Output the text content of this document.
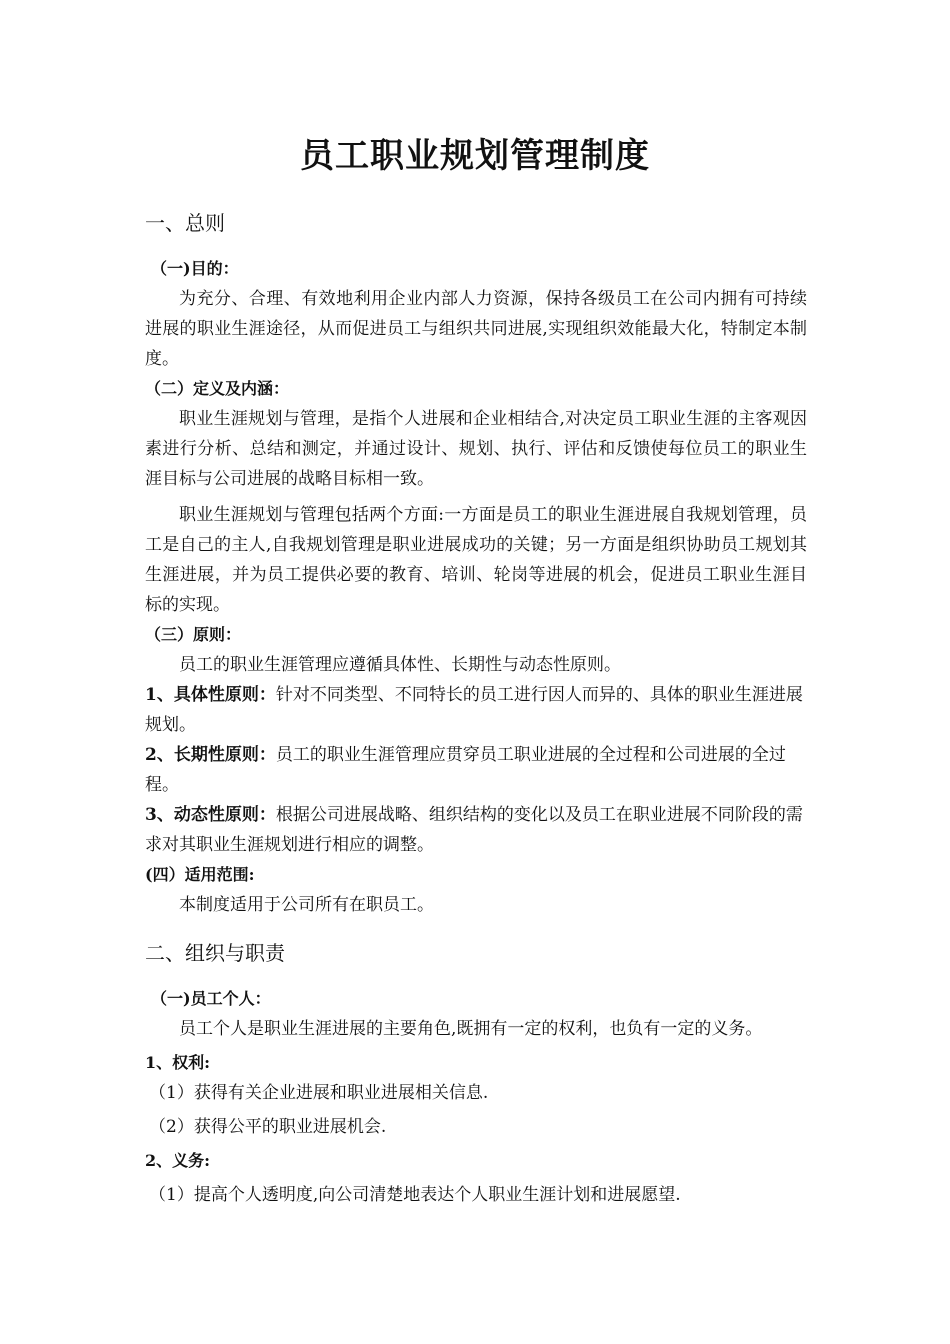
员工职业规划管理制度
一、总则

（一)目的：

为充分、合理、有效地利用企业内部人力资源，保持各级员工在公司内拥有可持续进展的职业生涯途径，从而促进员工与组织共同进展,实现组织效能最大化，特制定本制度。

（二）定义及内涵：

职业生涯规划与管理，是指个人进展和企业相结合,对决定员工职业生涯的主客观因素进行分析、总结和测定，并通过设计、规划、执行、评估和反馈使每位员工的职业生涯目标与公司进展的战略目标相一致。

职业生涯规划与管理包括两个方面:一方面是员工的职业生涯进展自我规划管理，员工是自己的主人,自我规划管理是职业进展成功的关键；另一方面是组织协助员工规划其生涯进展，并为员工提供必要的教育、培训、轮岗等进展的机会，促进员工职业生涯目标的实现。

（三）原则：

员工的职业生涯管理应遵循具体性、长期性与动态性原则。

1、具体性原则：针对不同类型、不同特长的员工进行因人而异的、具体的职业生涯进展规划。

2、长期性原则：员工的职业生涯管理应贯穿员工职业进展的全过程和公司进展的全过程。

3、动态性原则：根据公司进展战略、组织结构的变化以及员工在职业进展不同阶段的需求对其职业生涯规划进行相应的调整。

(四）适用范围:

本制度适用于公司所有在职员工。

二、组织与职责

（一)员工个人：

员工个人是职业生涯进展的主要角色,既拥有一定的权利，也负有一定的义务。

1、权利:

（1）获得有关企业进展和职业进展相关信息.

（2）获得公平的职业进展机会.

2、义务:

（1）提高个人透明度,向公司清楚地表达个人职业生涯计划和进展愿望.
